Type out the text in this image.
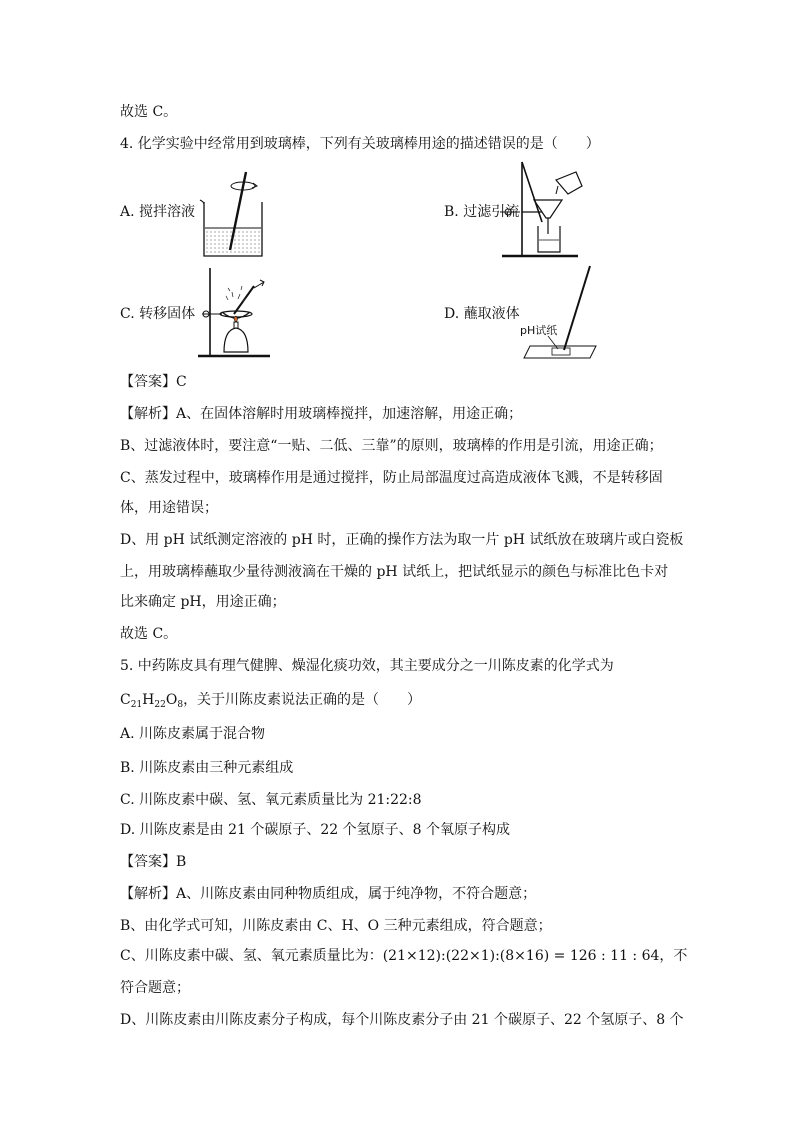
故选 C。
4. 化学实验中经常用到玻璃棒，下列有关玻璃棒用途的描述错误的是（　　）
A. 搅拌溶液	B. 过滤引流
C. 转移固体	D. 蘸取液体
pH试纸
【答案】C
【解析】A、在固体溶解时用玻璃棒搅拌，加速溶解，用途正确；
B、过滤液体时，要注意“一贴、二低、三靠”的原则，玻璃棒的作用是引流，用途正确；
C、蒸发过程中，玻璃棒作用是通过搅拌，防止局部温度过高造成液体飞溅，不是转移固
体，用途错误；
D、用 pH 试纸测定溶液的 pH 时，正确的操作方法为取一片 pH 试纸放在玻璃片或白瓷板
上，用玻璃棒蘸取少量待测液滴在干燥的 pH 试纸上，把试纸显示的颜色与标准比色卡对
比来确定 pH，用途正确；
故选 C。
5. 中药陈皮具有理气健脾、燥湿化痰功效，其主要成分之一川陈皮素的化学式为
$C_{21}H_{22}O_8$，关于川陈皮素说法正确的是（　　）
A. 川陈皮素属于混合物
B. 川陈皮素由三种元素组成
C. 川陈皮素中碳、氢、氧元素质量比为 21:22:8
D. 川陈皮素是由 21 个碳原子、22 个氢原子、8 个氧原子构成
【答案】B
【解析】A、川陈皮素由同种物质组成，属于纯净物，不符合题意；
B、由化学式可知，川陈皮素由 C、H、O 三种元素组成，符合题意；
C、川陈皮素中碳、氢、氧元素质量比为：(21×12):(22×1):(8×16) = 126 : 11 : 64，不
符合题意；
D、川陈皮素由川陈皮素分子构成，每个川陈皮素分子由 21 个碳原子、22 个氢原子、8 个
